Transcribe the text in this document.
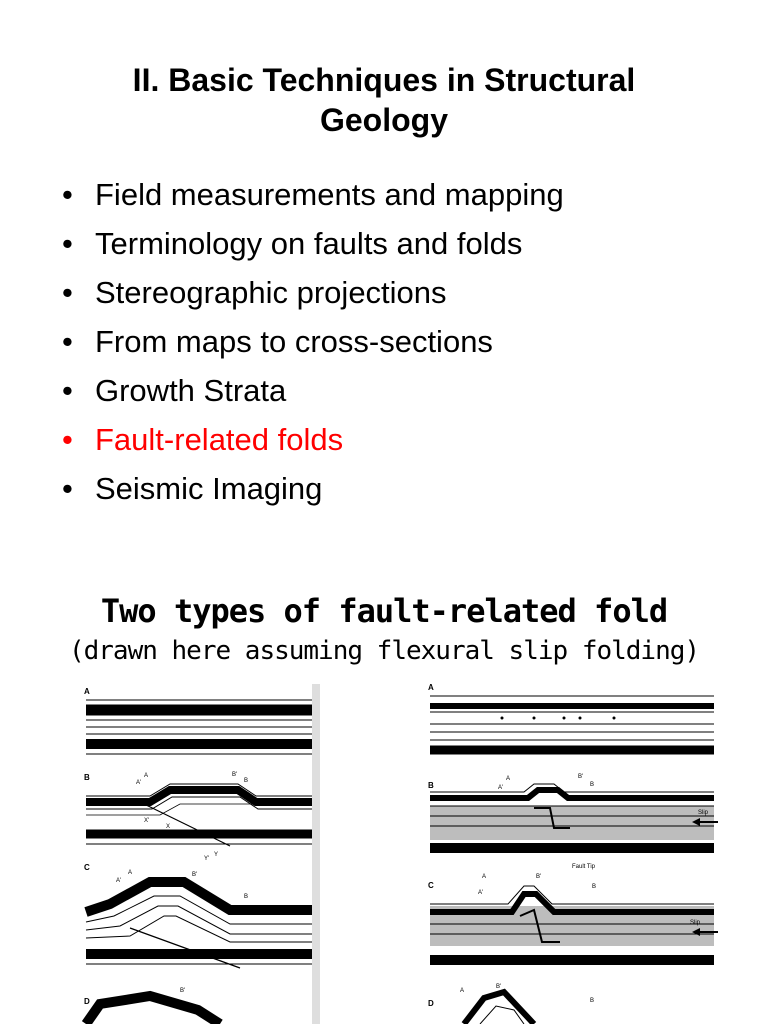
II. Basic Techniques in Structural
Geology
• Field measurements and mapping
• Terminology on faults and folds
• Stereographic projections
• From maps to cross-sections
• Growth Strata
• Fault-related folds
• Seismic Imaging
Two types of fault-related fold
(drawn here assuming flexural slip folding)
A
B	A
A'
B'
B
X
X'
Y
Y'
C
A
A'
B'
B
D
B'
A
B
A
A'
B'
B
Slip
Fault Tip
C
A
A'
B'
B
Slip
D
A
B'
B
